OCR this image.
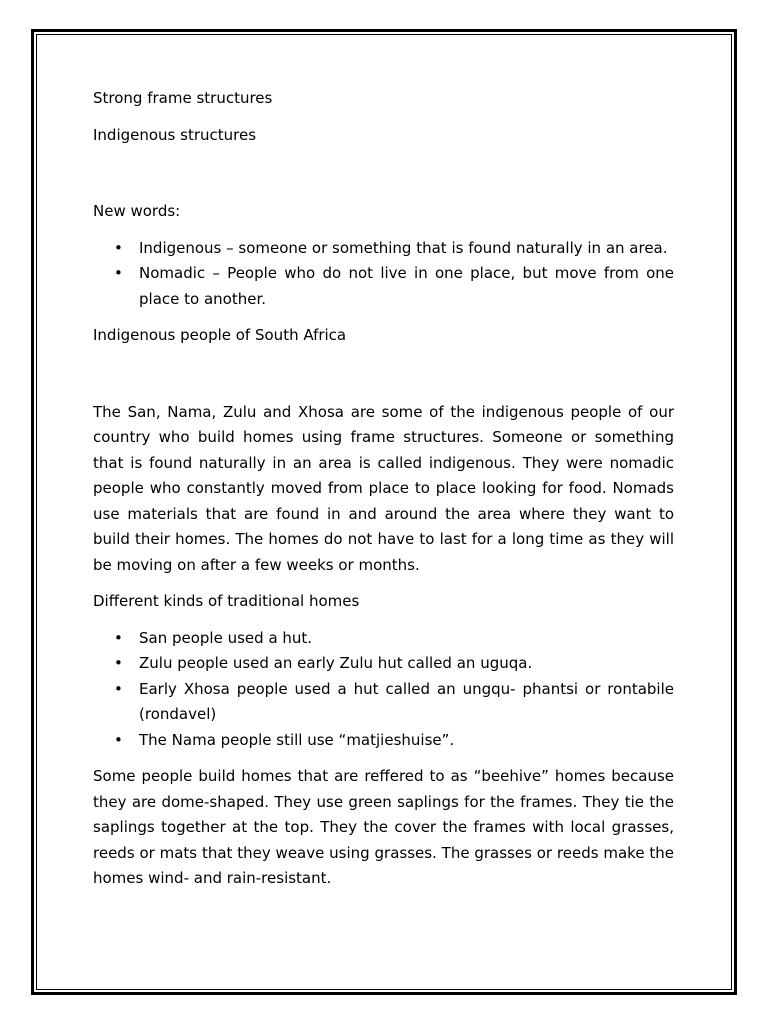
Strong frame structures

Indigenous structures

New words:

• Indigenous – someone or something that is found naturally in an area.
• Nomadic – People who do not live in one place, but move from one place to another.

Indigenous people of South Africa

The San, Nama, Zulu and Xhosa are some of the indigenous people of our country who build homes using frame structures. Someone or something that is found naturally in an area is called indigenous. They were nomadic people who constantly moved from place to place looking for food. Nomads use materials that are found in and around the area where they want to build their homes. The homes do not have to last for a long time as they will be moving on after a few weeks or months.

Different kinds of traditional homes

• San people used a hut.
• Zulu people used an early Zulu hut called an uguqa.
• Early Xhosa people used a hut called an ungqu- phantsi or rontabile (rondavel)
• The Nama people still use “matjieshuise”.

Some people build homes that are reffered to as “beehive” homes because they are dome-shaped. They use green saplings for the frames. They tie the saplings together at the top. They the cover the frames with local grasses, reeds or mats that they weave using grasses. The grasses or reeds make the homes wind- and rain-resistant.
